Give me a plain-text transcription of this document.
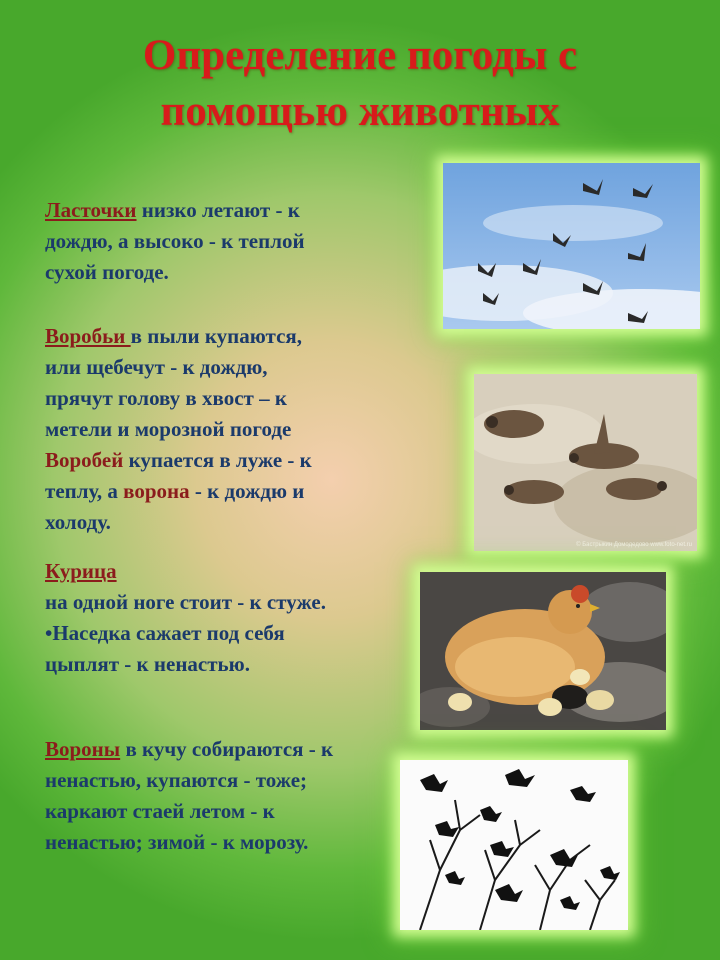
Определение погоды с
помощью животных
Ласточки низко летают - к
дождю, а высоко - к теплой
сухой погоде.
Воробьи в пыли купаются,
или щебечут - к дождю,
прячут голову в хвост – к
метели и морозной погоде
Воробей купается в луже - к
теплу, а ворона - к дождю и
холоду.
Курица
на одной ноге стоит - к стуже.
•Наседка сажает под себя
цыплят - к ненастью.
Вороны в кучу собираются - к
ненастью, купаются - тоже;
каркают стаей летом - к
ненастью; зимой - к морозу.
© Бастрыкин Домодедово www.foto-net.ru
